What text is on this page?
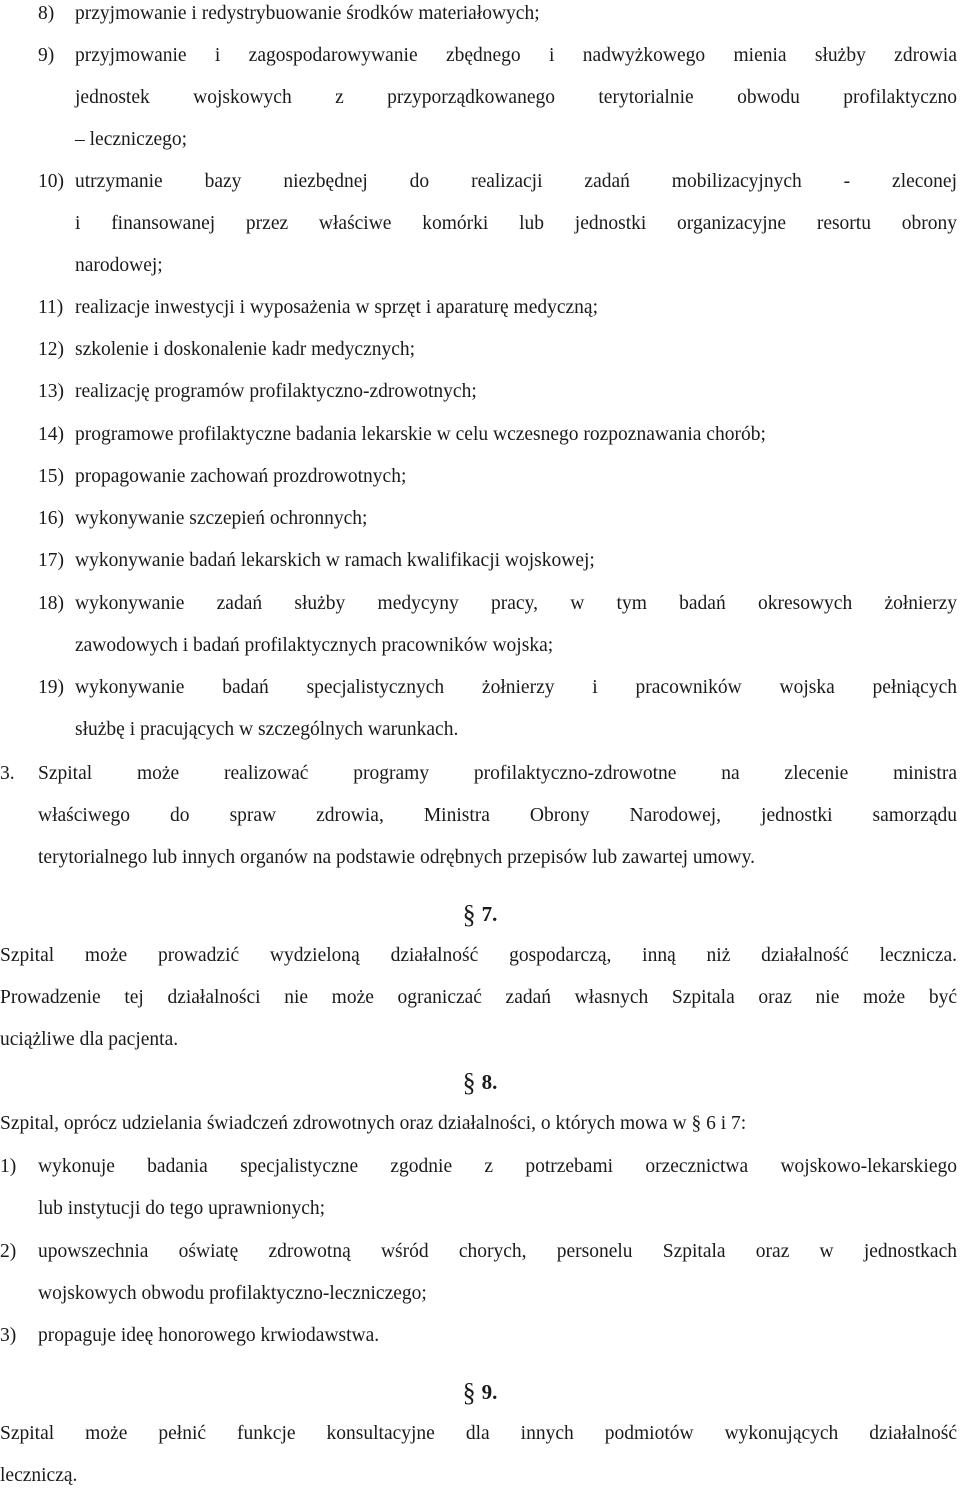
8) przyjmowanie i redystrybuowanie środków materiałowych;
9) przyjmowanie i zagospodarowywanie zbędnego i nadwyżkowego mienia służby zdrowia
jednostek wojskowych z przyporządkowanego terytorialnie obwodu profilaktyczno
– leczniczego;
10) utrzymanie bazy niezbędnej do realizacji zadań mobilizacyjnych - zleconej
i finansowanej przez właściwe komórki lub jednostki organizacyjne resortu obrony
narodowej;
11) realizacje inwestycji i wyposażenia w sprzęt i aparaturę medyczną;
12) szkolenie i doskonalenie kadr medycznych;
13) realizację programów profilaktyczno-zdrowotnych;
14) programowe profilaktyczne badania lekarskie w celu wczesnego rozpoznawania chorób;
15) propagowanie zachowań prozdrowotnych;
16) wykonywanie szczepień ochronnych;
17) wykonywanie badań lekarskich w ramach kwalifikacji wojskowej;
18) wykonywanie zadań służby medycyny pracy, w tym badań okresowych żołnierzy
zawodowych i badań profilaktycznych pracowników wojska;
19) wykonywanie badań specjalistycznych żołnierzy i pracowników wojska pełniących
służbę i pracujących w szczególnych warunkach.
3. Szpital może realizować programy profilaktyczno-zdrowotne na zlecenie ministra
właściwego do spraw zdrowia, Ministra Obrony Narodowej, jednostki samorządu
terytorialnego lub innych organów na podstawie odrębnych przepisów lub zawartej umowy.
§ 7.
Szpital może prowadzić wydzieloną działalność gospodarczą, inną niż działalność lecznicza.
Prowadzenie tej działalności nie może ograniczać zadań własnych Szpitala oraz nie może być
uciążliwe dla pacjenta.
§ 8.
Szpital, oprócz udzielania świadczeń zdrowotnych oraz działalności, o których mowa w § 6 i 7:
1) wykonuje badania specjalistyczne zgodnie z potrzebami orzecznictwa wojskowo-lekarskiego
lub instytucji do tego uprawnionych;
2) upowszechnia oświatę zdrowotną wśród chorych, personelu Szpitala oraz w jednostkach
wojskowych obwodu profilaktyczno-leczniczego;
3) propaguje ideę honorowego krwiodawstwa.
§ 9.
Szpital może pełnić funkcje konsultacyjne dla innych podmiotów wykonujących działalność
leczniczą.
